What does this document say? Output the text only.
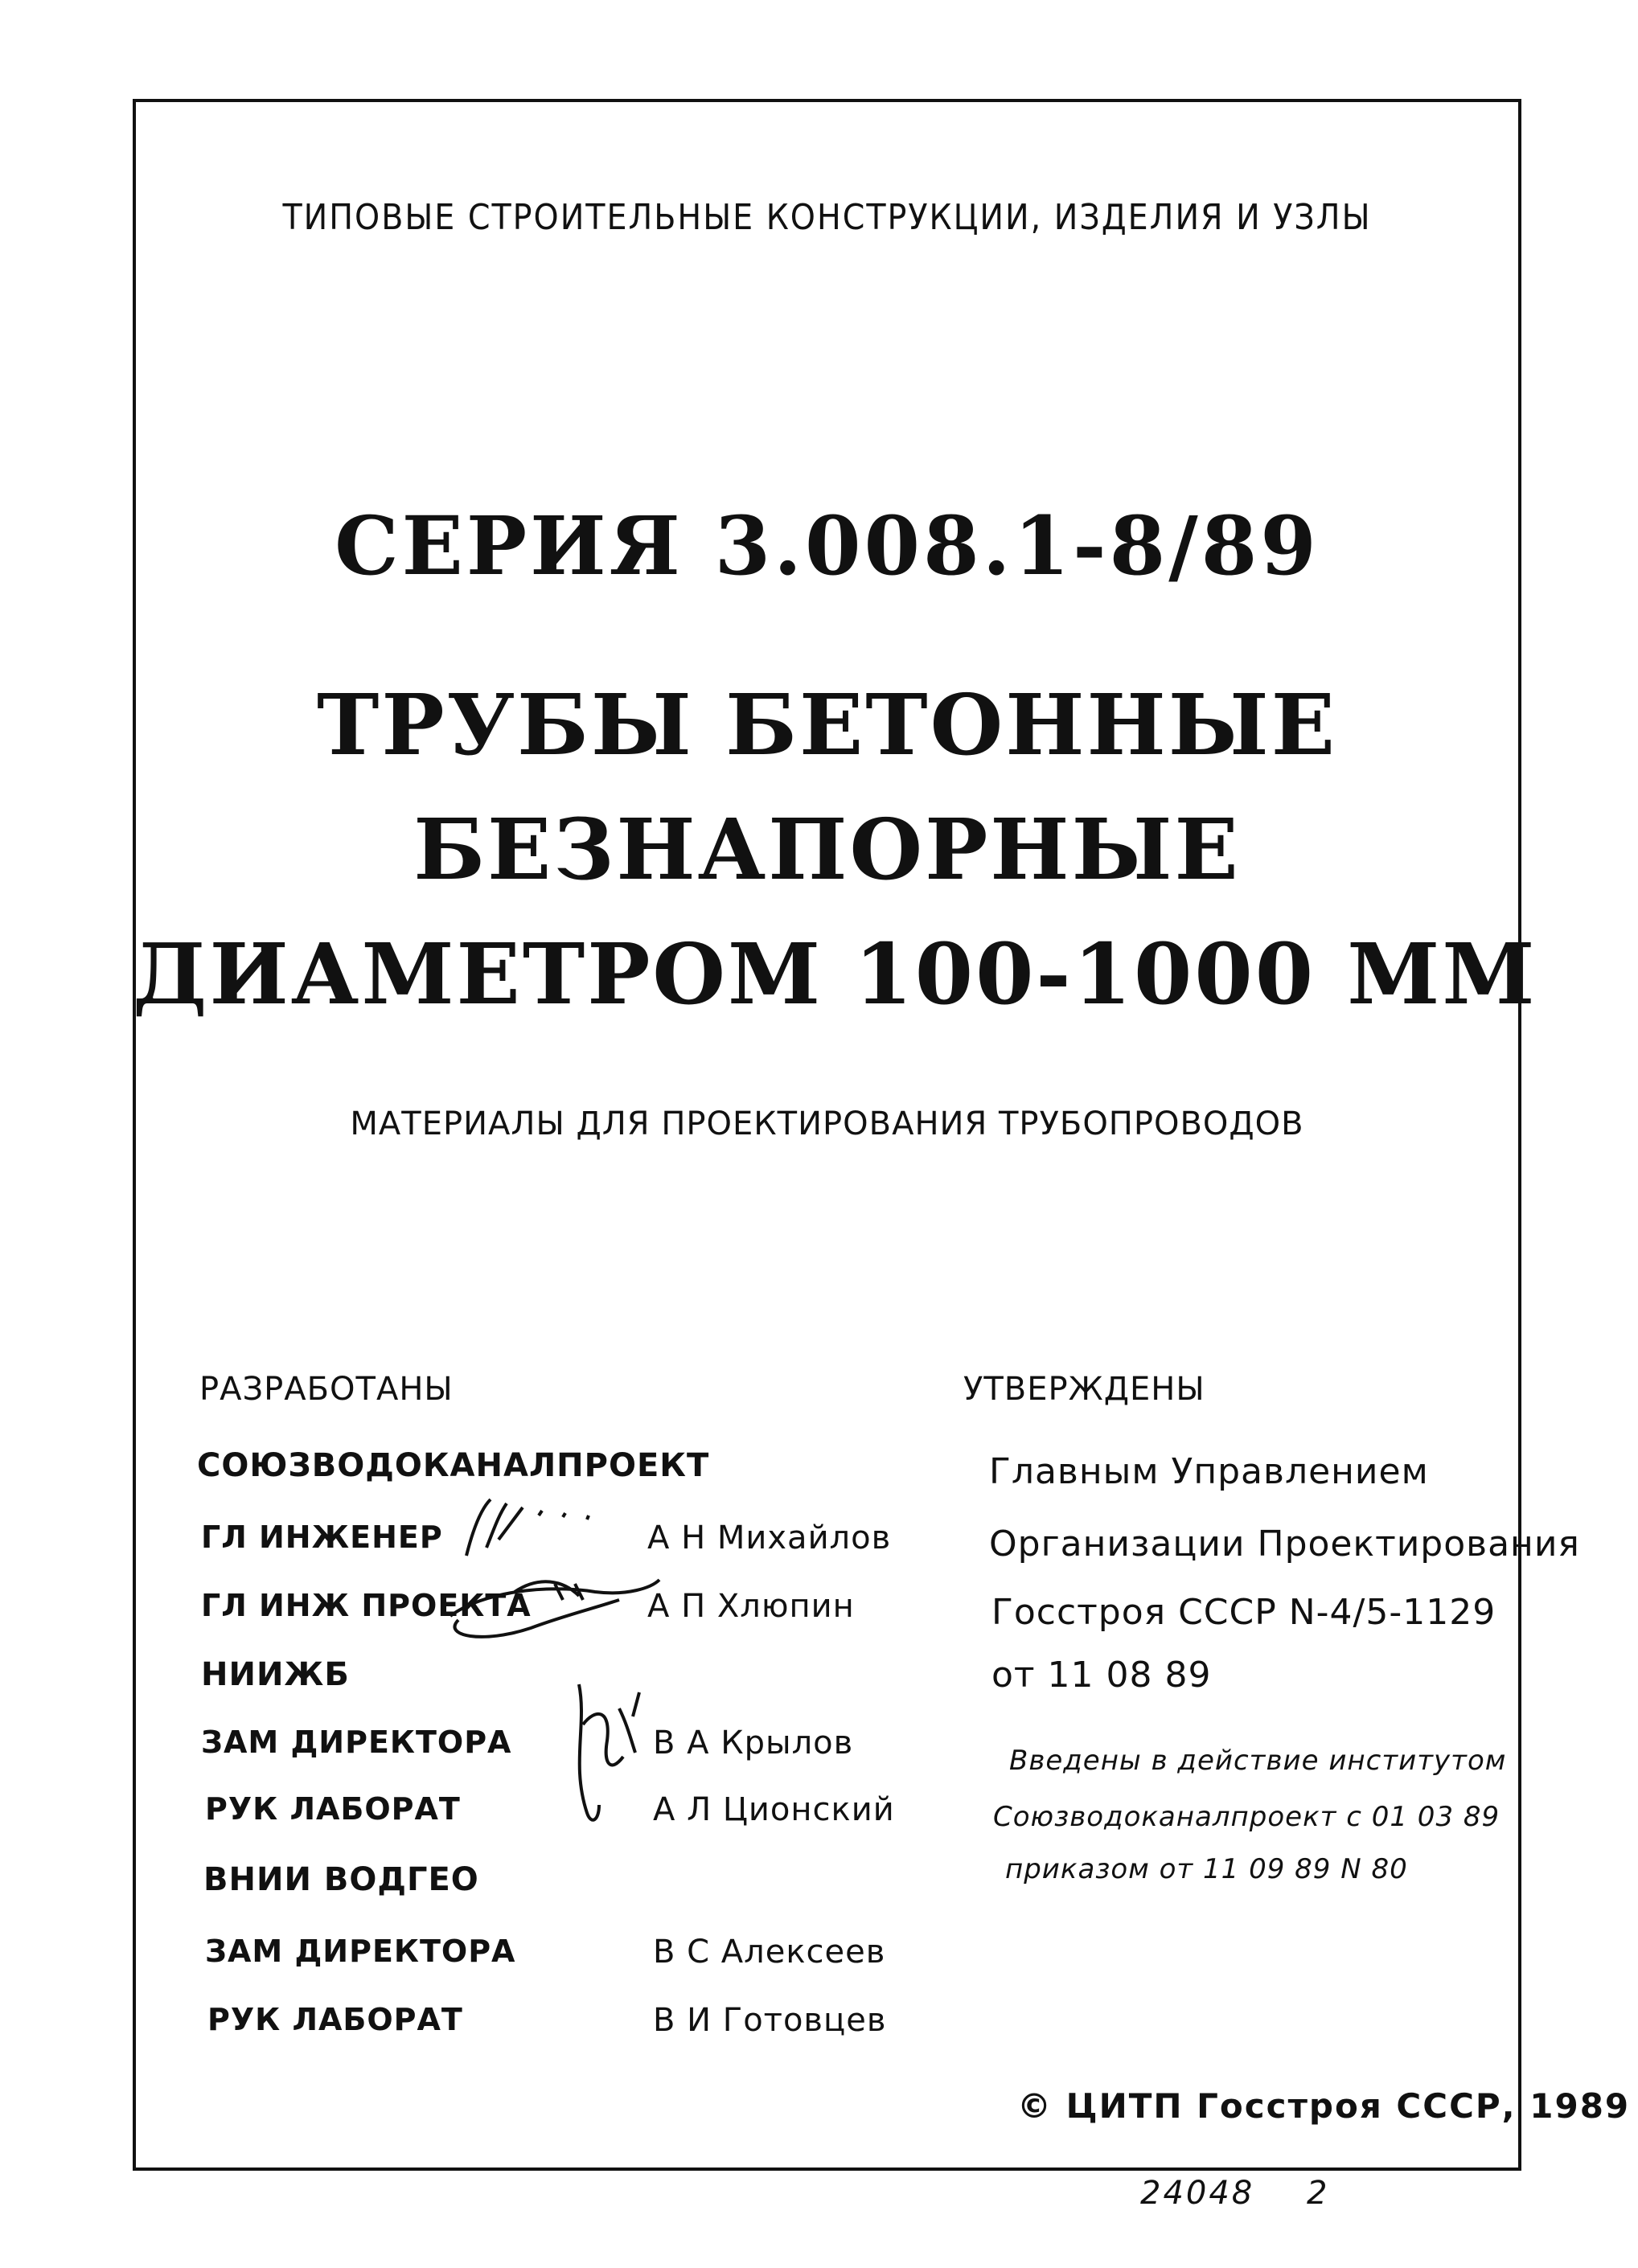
ТИПОВЫЕ СТРОИТЕЛЬНЫЕ КОНСТРУКЦИИ, ИЗДЕЛИЯ И УЗЛЫ
СЕРИЯ 3.008.1-8/89
ТРУБЫ БЕТОННЫЕ
БЕЗНАПОРНЫЕ
ДИАМЕТРОМ 100-1000 ММ
МАТЕРИАЛЫ ДЛЯ ПРОЕКТИРОВАНИЯ ТРУБОПРОВОДОВ
РАЗРАБОТАНЫ
СОЮЗВОДОКАНАЛПРОЕКТ
ГЛ ИНЖЕНЕР	А Н Михайлов
ГЛ ИНЖ ПРОЕКТА	А П Хлюпин
НИИЖБ
ЗАМ ДИРЕКТОРА	В А Крылов
РУК ЛАБОРАТ	А Л Ционский
ВНИИ ВОДГЕО
ЗАМ ДИРЕКТОРА	В С Алексеев
РУК ЛАБОРАТ	В И Готовцев
УТВЕРЖДЕНЫ
Главным Управлением
Организации Проектирования
Госстроя СССР N-4/5-1129
от 11 08 89
Введены в действие институтом
Союзводоканалпроект с 01 03 89
приказом от 11 09 89 N 80
© ЦИТП Госстроя СССР, 1989
24048 2
